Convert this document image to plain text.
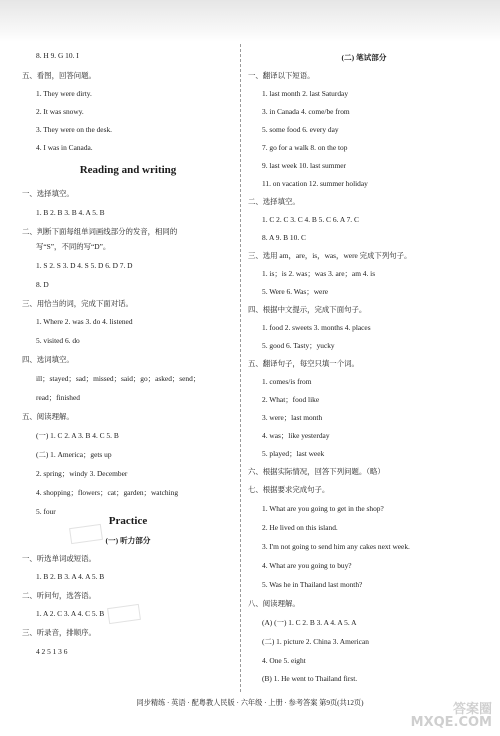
8. H 9. G 10. I
五、看图，回答问题。
1. They were dirty.
2. It was snowy.
3. They were on the desk.
4. I was in Canada.
Reading and writing
一、选择填空。
1. B 2. B 3. B 4. A 5. B
二、判断下面每组单词画线部分的发音，相同的
写“S”，不同的写“D”。
1. S 2. S 3. D 4. S 5. D 6. D 7. D
8. D
三、用恰当的词，完成下面对话。
1. Where 2. was 3. do 4. listened
5. visited 6. do
四、选词填空。
ill；stayed；sad；missed；said；go；asked；send；
read；finished
五、阅读理解。
(一) 1. C 2. A 3. B 4. C 5. B
(二) 1. America；gets up
2. spring；windy 3. December
4. shopping；flowers；cat；garden；watching
5. four
Practice
(一) 听力部分
一、听选单词或短语。
1. B 2. B 3. A 4. A 5. B
二、听问句，选答语。
1. A 2. C 3. A 4. C 5. B
三、听录音，排顺序。
4 2 5 1 3 6
(二) 笔试部分
一、翻译以下短语。
1. last month 2. last Saturday
3. in Canada 4. come/be from
5. some food 6. every day
7. go for a walk 8. on the top
9. last week 10. last summer
11. on vacation 12. summer holiday
二、选择填空。
1. C 2. C 3. C 4. B 5. C 6. A 7. C
8. A 9. B 10. C
三、选用 am，are，is，was，were 完成下列句子。
1. is；is 2. was；was 3. are；am 4. is
5. Were 6. Was；were
四、根据中文提示，完成下面句子。
1. food 2. sweets 3. months 4. places
5. good 6. Tasty；yucky
五、翻译句子，每空只填一个词。
1. comes/is from
2. What；food like
3. were；last month
4. was；like yesterday
5. played；last week
六、根据实际情况，回答下列问题。（略）
七、根据要求完成句子。
1. What are you going to get in the shop?
2. He lived on this island.
3. I'm not going to send him any cakes next week.
4. What are you going to buy?
5. Was he in Thailand last month?
八、阅读理解。
(A) (一) 1. C 2. B 3. A 4. A 5. A
(二) 1. picture 2. China 3. American
4. One 5. eight
(B) 1. He went to Thailand first.

同步精练 · 英语 · 配粤教人民版 · 六年级 · 上册 · 参考答案 第9页(共12页)	答案圈
MXQE.COM
